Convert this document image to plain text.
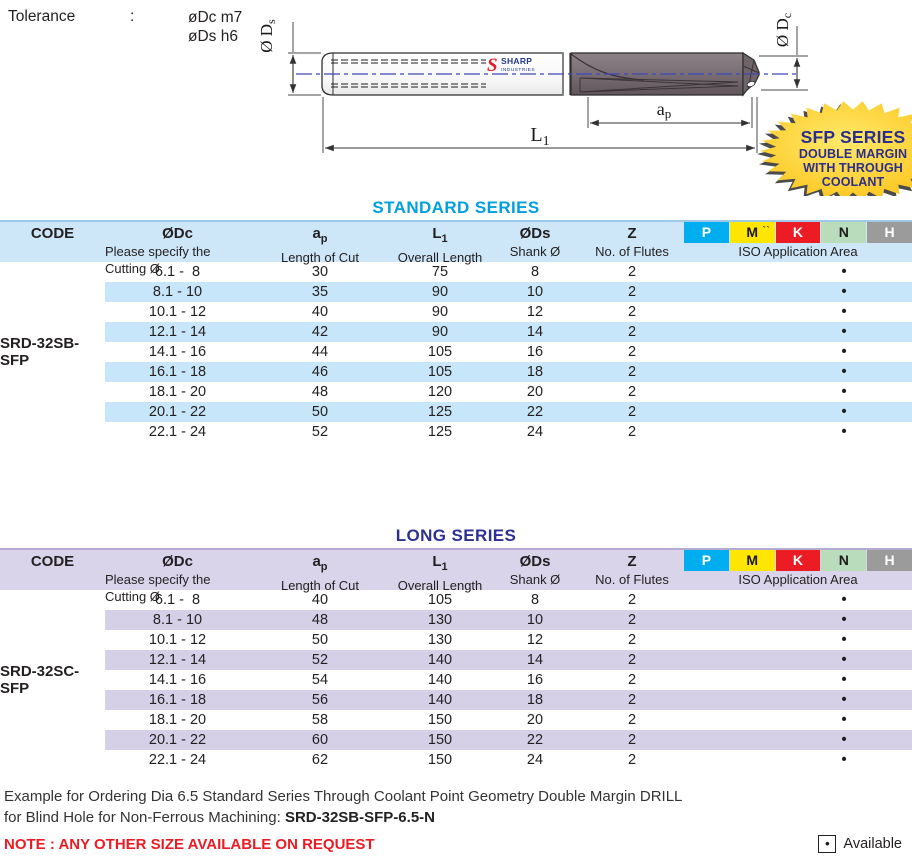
Tolerance	:	øDc m7
øDs h6
S SHARP
INDUSTRIES
Ø Ds	Ø Dc
ap
$L_1$	SFP SERIES
DOUBLE MARGIN
WITH THROUGH
COOLANT
STANDARD SERIES
CODE	ØDc
Please specify the Cutting Ø
$a_p$
Length of Cut
$L_1$
Overall Length
ØDs
Shank Ø
Z
No. of Flutes
P	M ``	K	N	H
ISO Application Area
SRD-32SB-SFP
6.1 -  8	30	75	8	2	•
8.1 - 10	35	90	10	2	•
10.1 - 12	40	90	12	2	•
12.1 - 14	42	90	14	2	•
14.1 - 16	44	105	16	2	•
16.1 - 18	46	105	18	2	•
18.1 - 20	48	120	20	2	•
20.1 - 22	50	125	22	2	•
22.1 - 24	52	125	24	2	•
LONG SERIES
CODE	ØDc
Please specify the Cutting Ø
$a_p$
Length of Cut
$L_1$
Overall Length
ØDs
Shank Ø
Z
No. of Flutes
P	M	K	N	H
ISO Application Area
SRD-32SC-SFP
6.1 -  8	40	105	8	2	•
8.1 - 10	48	130	10	2	•
10.1 - 12	50	130	12	2	•
12.1 - 14	52	140	14	2	•
14.1 - 16	54	140	16	2	•
16.1 - 18	56	140	18	2	•
18.1 - 20	58	150	20	2	•
20.1 - 22	60	150	22	2	•
22.1 - 24	62	150	24	2	•
Example for Ordering Dia 6.5 Standard Series Through Coolant Point Geometry Double Margin DRILL
for Blind Hole for Non-Ferrous Machining: SRD-32SB-SFP-6.5-N
NOTE : ANY OTHER SIZE AVAILABLE ON REQUEST	• Available
